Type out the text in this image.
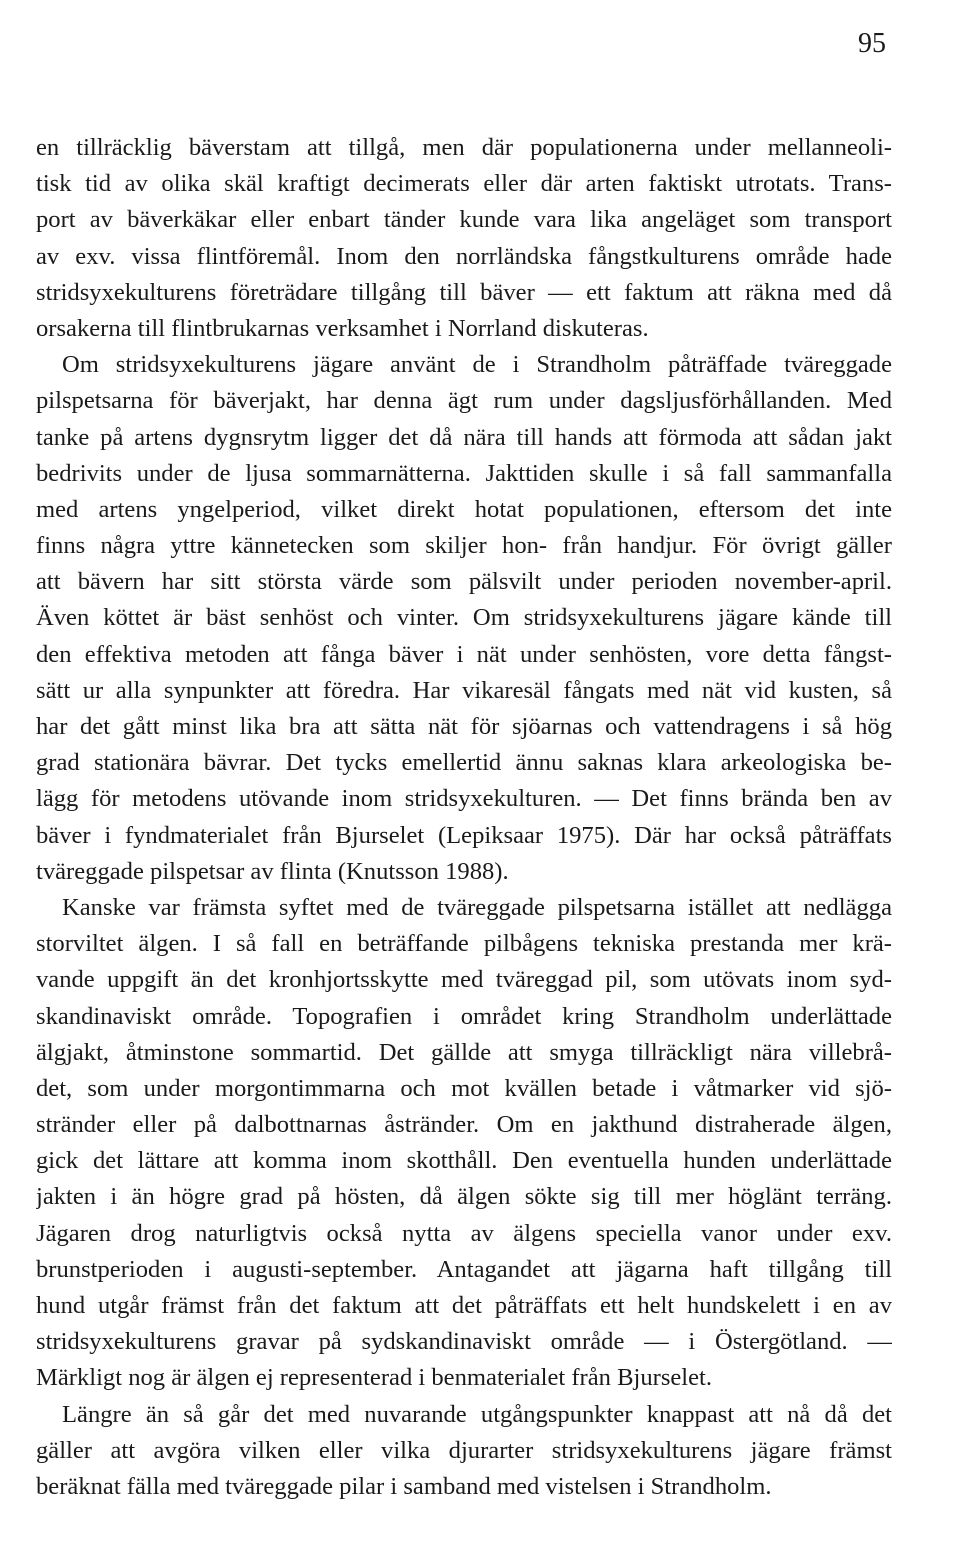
95
en tillräcklig bäverstam att tillgå, men där populationerna under mellanneoli-
tisk tid av olika skäl kraftigt decimerats eller där arten faktiskt utrotats. Trans-
port av bäverkäkar eller enbart tänder kunde vara lika angeläget som transport
av exv. vissa flintföremål. Inom den norrländska fångstkulturens område hade
stridsyxekulturens företrädare tillgång till bäver — ett faktum att räkna med då
orsakerna till flintbrukarnas verksamhet i Norrland diskuteras.
Om stridsyxekulturens jägare använt de i Strandholm påträffade tväreggade
pilspetsarna för bäverjakt, har denna ägt rum under dagsljusförhållanden. Med
tanke på artens dygnsrytm ligger det då nära till hands att förmoda att sådan jakt
bedrivits under de ljusa sommarnätterna. Jakttiden skulle i så fall sammanfalla
med artens yngelperiod, vilket direkt hotat populationen, eftersom det inte
finns några yttre kännetecken som skiljer hon- från handjur. För övrigt gäller
att bävern har sitt största värde som pälsvilt under perioden november-april.
Även köttet är bäst senhöst och vinter. Om stridsyxekulturens jägare kände till
den effektiva metoden att fånga bäver i nät under senhösten, vore detta fångst-
sätt ur alla synpunkter att föredra. Har vikaresäl fångats med nät vid kusten, så
har det gått minst lika bra att sätta nät för sjöarnas och vattendragens i så hög
grad stationära bävrar. Det tycks emellertid ännu saknas klara arkeologiska be-
lägg för metodens utövande inom stridsyxekulturen. — Det finns brända ben av
bäver i fyndmaterialet från Bjurselet (Lepiksaar 1975). Där har också påträffats
tväreggade pilspetsar av flinta (Knutsson 1988).
Kanske var främsta syftet med de tväreggade pilspetsarna istället att nedlägga
storviltet älgen. I så fall en beträffande pilbågens tekniska prestanda mer krä-
vande uppgift än det kronhjortsskytte med tväreggad pil, som utövats inom syd-
skandinaviskt område. Topografien i området kring Strandholm underlättade
älgjakt, åtminstone sommartid. Det gällde att smyga tillräckligt nära villebrå-
det, som under morgontimmarna och mot kvällen betade i våtmarker vid sjö-
stränder eller på dalbottnarnas åstränder. Om en jakthund distraherade älgen,
gick det lättare att komma inom skotthåll. Den eventuella hunden underlättade
jakten i än högre grad på hösten, då älgen sökte sig till mer höglänt terräng.
Jägaren drog naturligtvis också nytta av älgens speciella vanor under exv.
brunstperioden i augusti-september. Antagandet att jägarna haft tillgång till
hund utgår främst från det faktum att det påträffats ett helt hundskelett i en av
stridsyxekulturens gravar på sydskandinaviskt område — i Östergötland. —
Märkligt nog är älgen ej representerad i benmaterialet från Bjurselet.
Längre än så går det med nuvarande utgångspunkter knappast att nå då det
gäller att avgöra vilken eller vilka djurarter stridsyxekulturens jägare främst
beräknat fälla med tväreggade pilar i samband med vistelsen i Strandholm.
